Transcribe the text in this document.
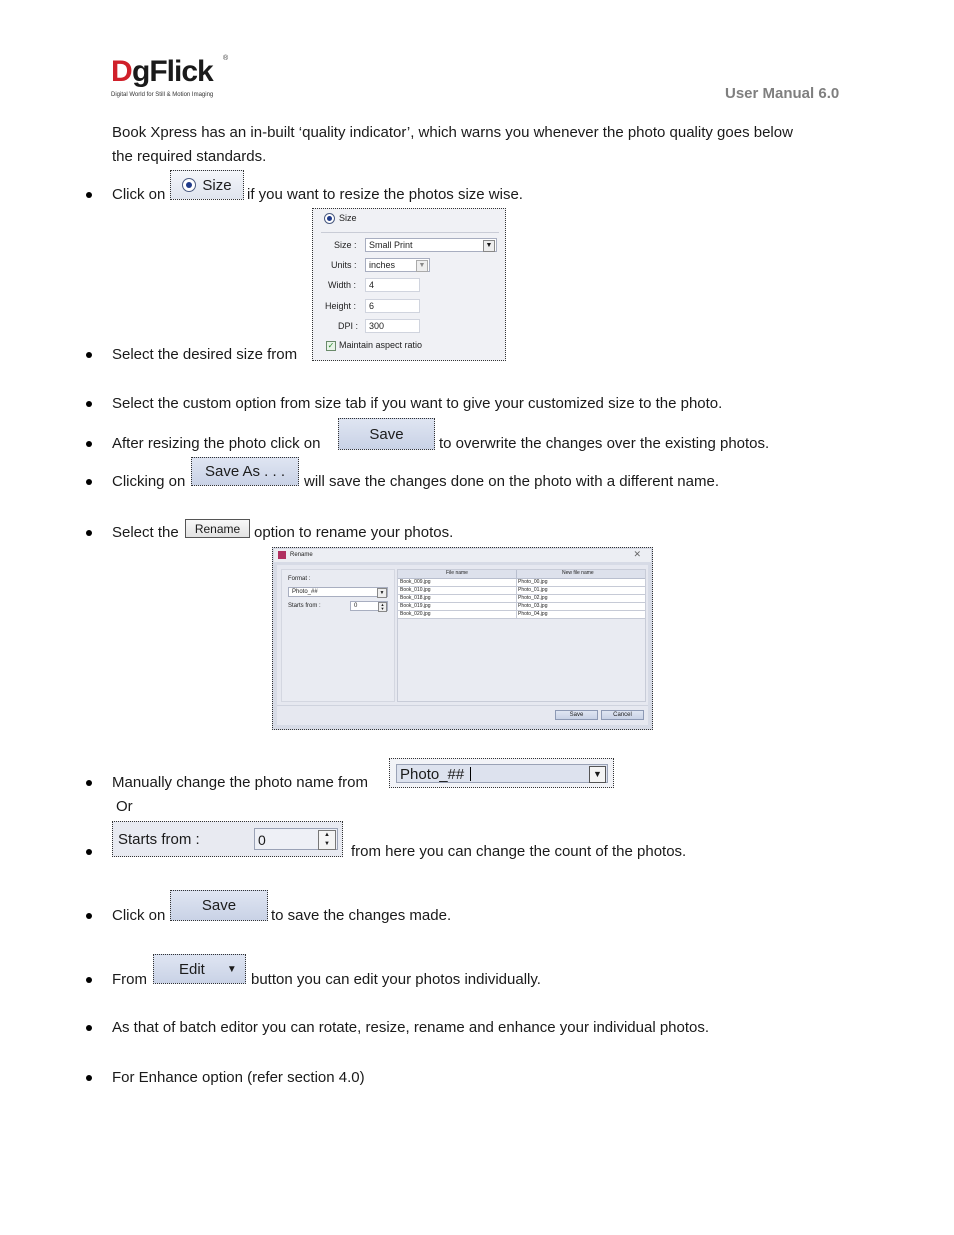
D gFlick ®
Digital World for Still & Motion Imaging	User Manual 6.0
Book Xpress has an in-built ‘quality indicator’, which warns you whenever the photo quality goes below
the required standards.
Click on
Size
if you want to resize the photos size wise.
Select the desired size from
Size
Size : Small Print	▼
Units : inches	▼
Width : 4
Height : 6
DPI : 300
✓ Maintain aspect ratio
Select the custom option from size tab if you want to give your customized size to the photo.
After resizing the photo click on
Save
to overwrite the changes over the existing photos.
Clicking on
Save As . . .
will save the changes done on the photo with a different name.
Select the Rename option to rename your photos.
Rename	✕
Format :
Photo_##	▼
Starts from :	0	▲
▼
File name	New file name
Book_009.jpg	Photo_00.jpg
Book_010.jpg	Photo_01.jpg
Book_018.jpg	Photo_02.jpg
Book_019.jpg	Photo_03.jpg
Book_020.jpg	Photo_04.jpg
Save	Cancel
Manually change the photo name from Photo_##	▼
Or
Starts from :	0	▲
▼	from here you can change the count of the photos.
Click on
Save
to save the changes made.
From
Edit ▼
button you can edit your photos individually.
As that of batch editor you can rotate, resize, rename and enhance your individual photos.
For Enhance option (refer section 4.0)
